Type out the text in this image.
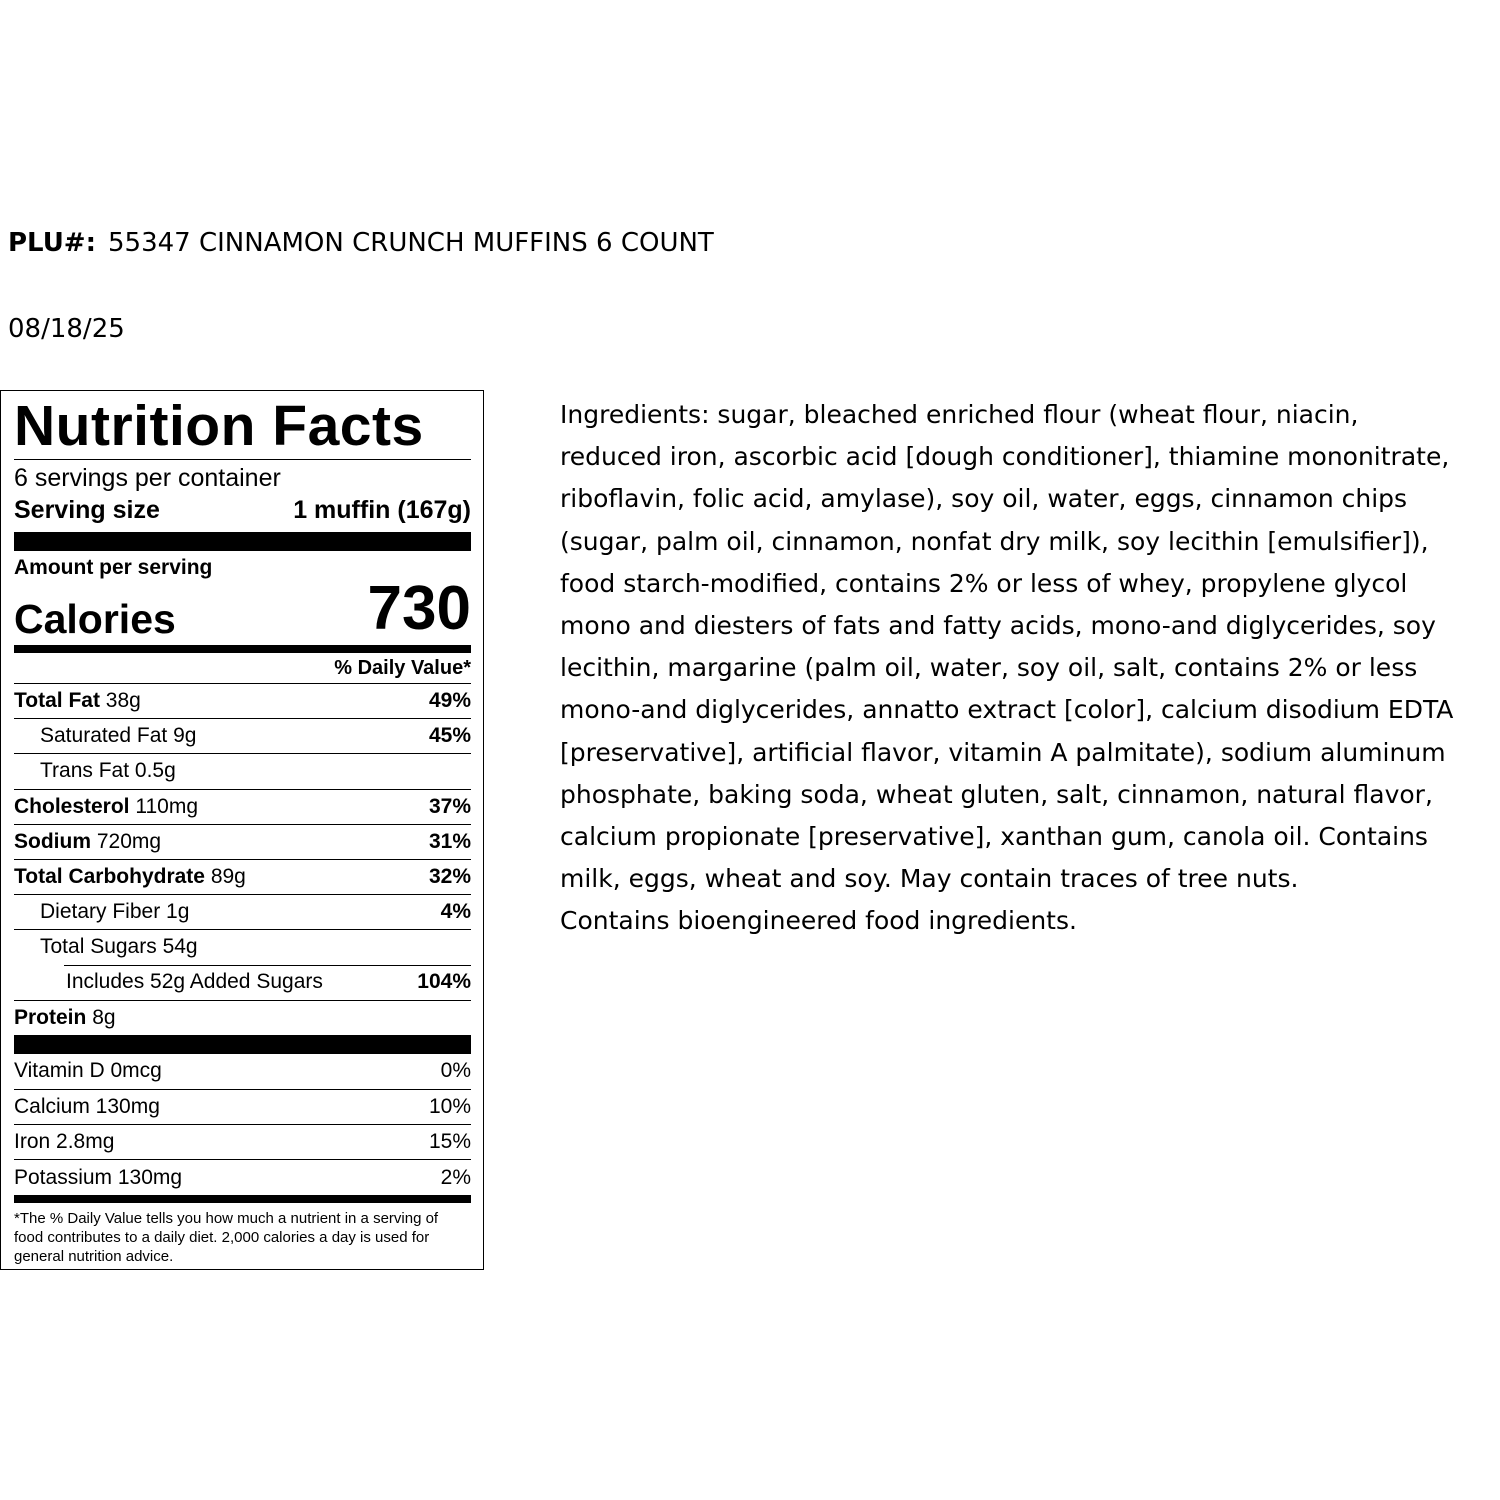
PLU#: 55347 CINNAMON CRUNCH MUFFINS 6 COUNT
08/18/25
Nutrition Facts
6 servings per container
Serving size	1 muffin (167g)
Amount per serving
Calories	730
% Daily Value*
Total Fat 38g	49%
Saturated Fat 9g	45%
Trans Fat 0.5g
Cholesterol 110mg	37%
Sodium 720mg	31%
Total Carbohydrate 89g	32%
Dietary Fiber 1g	4%
Total Sugars 54g
Includes 52g Added Sugars	104%
Protein 8g
Vitamin D 0mcg	0%
Calcium 130mg	10%
Iron 2.8mg	15%
Potassium 130mg	2%
*The % Daily Value tells you how much a nutrient in a serving of food contributes to a daily diet. 2,000 calories a day is used for general nutrition advice.

Ingredients: sugar, bleached enriched flour (wheat flour, niacin,

reduced iron, ascorbic acid [dough conditioner], thiamine mononitrate,

riboflavin, folic acid, amylase), soy oil, water, eggs, cinnamon chips

(sugar, palm oil, cinnamon, nonfat dry milk, soy lecithin [emulsifier]),

food starch-modified, contains 2% or less of whey, propylene glycol

mono and diesters of fats and fatty acids, mono-and diglycerides, soy

lecithin, margarine (palm oil, water, soy oil, salt, contains 2% or less

mono-and diglycerides, annatto extract [color], calcium disodium EDTA

[preservative], artificial flavor, vitamin A palmitate), sodium aluminum

phosphate, baking soda, wheat gluten, salt, cinnamon, natural flavor,

calcium propionate [preservative], xanthan gum, canola oil. Contains

milk, eggs, wheat and soy. May contain traces of tree nuts.

Contains bioengineered food ingredients.
